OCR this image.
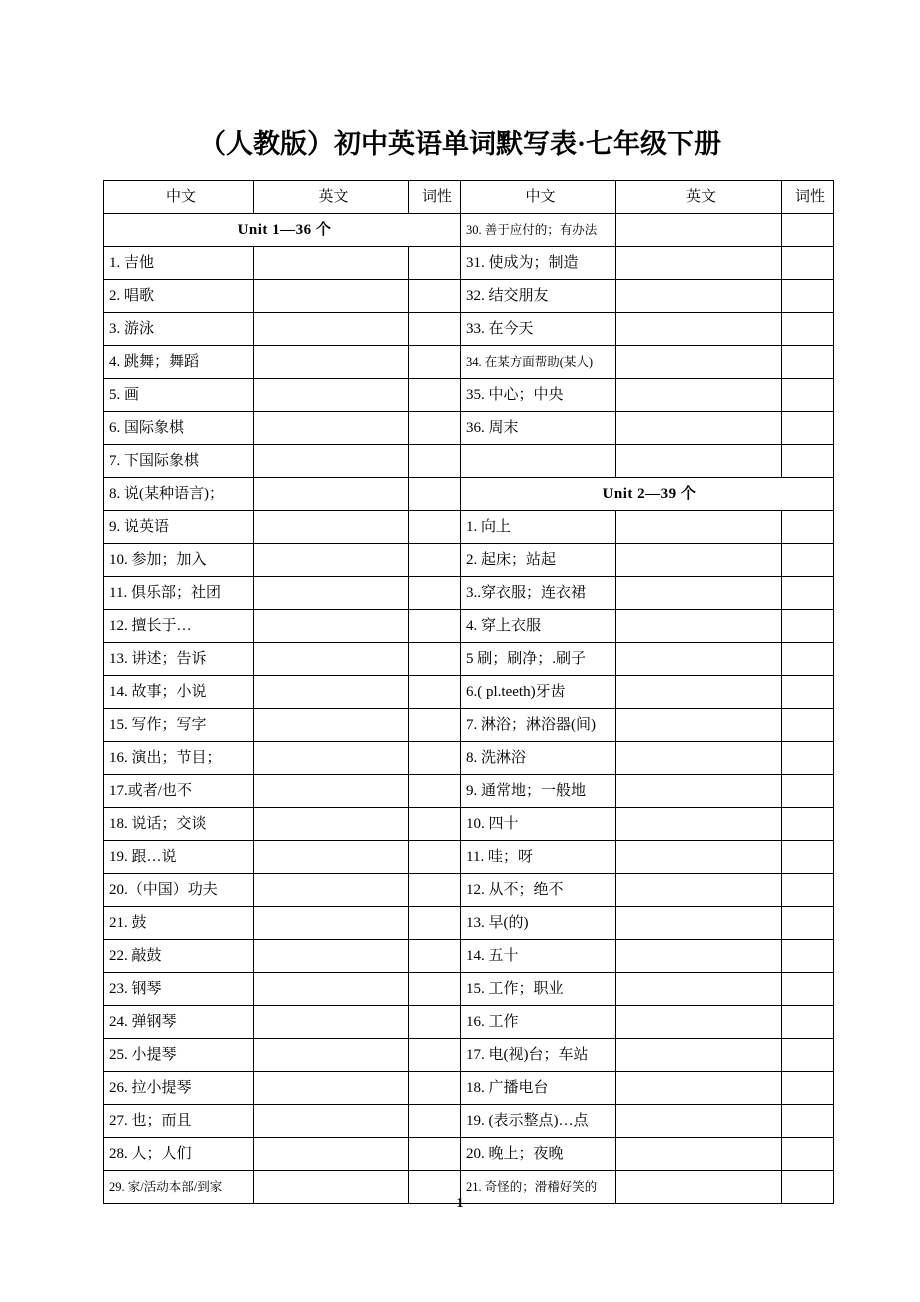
（人教版）初中英语单词默写表·七年级下册
中文	英文	词性	中文	英文	词性
Unit 1—36 个			30. 善于应付的；有办法		
1. 吉他			31. 使成为；制造		
2. 唱歌			32. 结交朋友		
3. 游泳			33. 在今天		
4. 跳舞；舞蹈			34. 在某方面帮助(某人)		
5. 画			35. 中心；中央		
6. 国际象棋			36. 周末		
7. 下国际象棋					
8. 说(某种语言)；			Unit 2—39 个		
9. 说英语			1. 向上		
10. 参加；加入			2. 起床；站起		
11. 俱乐部；社团			3..穿衣服；连衣裙		
12. 擅长于…			4. 穿上衣服		
13. 讲述；告诉			5 刷；刷净；.刷子		
14. 故事；小说			6.( pl.teeth)牙齿		
15. 写作；写字			7. 淋浴；淋浴器(间)		
16. 演出；节目；			8. 洗淋浴		
17.或者/也不			9. 通常地；一般地		
18. 说话；交谈			10. 四十		
19. 跟…说			11. 哇；呀		
20.（中国）功夫			12. 从不；绝不		
21. 鼓			13. 早(的)		
22. 敲鼓			14. 五十		
23. 钢琴			15. 工作；职业		
24. 弹钢琴			16. 工作		
25. 小提琴			17. 电(视)台；车站		
26. 拉小提琴			18. 广播电台		
27. 也；而且			19. (表示整点)…点		
28. 人；人们			20. 晚上；夜晚		
29. 家/活动本部/到家			21. 奇怪的；滑稽好笑的		
1
